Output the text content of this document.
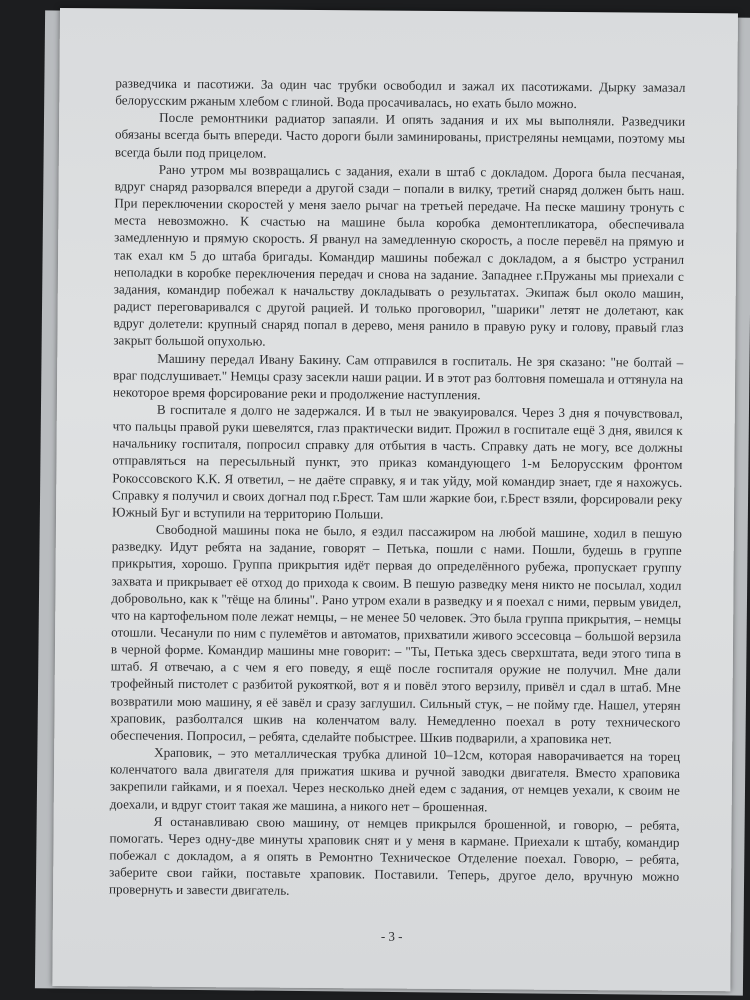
разведчика и пасотижи. За один час трубки освободил и зажал их пасотижами. Дырку замазал белорусским ржаным хлебом с глиной. Вода просачивалась, но ехать было можно.

После ремонтники радиатор запаяли. И опять задания и их мы выполняли. Разведчики обязаны всегда быть впереди. Часто дороги были заминированы, пристреляны немцами, поэтому мы всегда были под прицелом.

Рано утром мы возвращались с задания, ехали в штаб с докладом. Дорога была песчаная, вдруг снаряд разорвался впереди а другой сзади – попали в вилку, третий снаряд должен быть наш. При переключении скоростей у меня заело рычаг на третьей передаче. На песке машину тронуть с места невозможно. К счастью на машине была коробка демонтепликатора, обеспечивала замедленную и прямую скорость. Я рванул на замедленную скорость, а после перевёл на прямую и так ехал км 5 до штаба бригады. Командир машины побежал с докладом, а я быстро устранил неполадки в коробке переключения передач и снова на задание. Западнее г.Пружаны мы приехали с задания, командир побежал к начальству докладывать о результатах. Экипаж был около машин, радист переговаривался с другой рацией. И только проговорил, "шарики" летят не долетают, как вдруг долетели: крупный снаряд попал в дерево, меня ранило в правую руку и голову, правый глаз закрыт большой опухолью.

Машину передал Ивану Бакину. Сам отправился в госпиталь. Не зря сказано: "не болтай – враг подслушивает." Немцы сразу засекли наши рации. И в этот раз болтовня помешала и оттянула на некоторое время форсирование реки и продолжение наступления.

В госпитале я долго не задержался. И в тыл не эвакуировался. Через 3 дня я почувствовал, что пальцы правой руки шевелятся, глаз практически видит. Прожил в госпитале ещё 3 дня, явился к начальнику госпиталя, попросил справку для отбытия в часть. Справку дать не могу, все должны отправляться на пересыльный пункт, это приказ командующего 1-м Белорусским фронтом Рокоссовского К.К. Я ответил, – не даёте справку, я и так уйду, мой командир знает, где я нахожусь. Справку я получил и своих догнал под г.Брест. Там шли жаркие бои, г.Брест взяли, форсировали реку Южный Буг и вступили на территорию Польши.

Свободной машины пока не было, я ездил пассажиром на любой машине, ходил в пешую разведку. Идут ребята на задание, говорят – Петька, пошли с нами. Пошли, будешь в группе прикрытия, хорошо. Группа прикрытия идёт первая до определённого рубежа, пропускает группу захвата и прикрывает её отход до прихода к своим. В пешую разведку меня никто не посылал, ходил добровольно, как к "тёще на блины". Рано утром ехали в разведку и я поехал с ними, первым увидел, что на картофельном поле лежат немцы, – не менее 50 человек. Это была группа прикрытия, – немцы отошли. Чесанули по ним с пулемётов и автоматов, прихватили живого эссесовца – большой верзила в черной форме. Командир машины мне говорит: – "Ты, Петька здесь сверхштата, веди этого типа в штаб. Я отвечаю, а с чем я его поведу, я ещё после госпиталя оружие не получил. Мне дали трофейный пистолет с разбитой рукояткой, вот я и повёл этого верзилу, привёл и сдал в штаб. Мне возвратили мою машину, я её завёл и сразу заглушил. Сильный стук, – не пойму где. Нашел, утерян храповик, разболтался шкив на коленчатом валу. Немедленно поехал в роту технического обеспечения. Попросил, – ребята, сделайте побыстрее. Шкив подварили, а храповика нет.

Храповик, – это металлическая трубка длиной 10–12см, которая наворачивается на торец коленчатого вала двигателя для прижатия шкива и ручной заводки двигателя. Вместо храповика закрепили гайками, и я поехал. Через несколько дней едем с задания, от немцев уехали, к своим не доехали, и вдруг стоит такая же машина, а никого нет – брошенная.

Я останавливаю свою машину, от немцев прикрылся брошенной, и говорю, – ребята, помогать. Через одну-две минуты храповик снят и у меня в кармане. Приехали к штабу, командир побежал с докладом, а я опять в Ремонтно Техническое Отделение поехал. Говорю, – ребята, заберите свои гайки, поставьте храповик. Поставили. Теперь, другое дело, вручную можно провернуть и завести двигатель.

- 3 -
